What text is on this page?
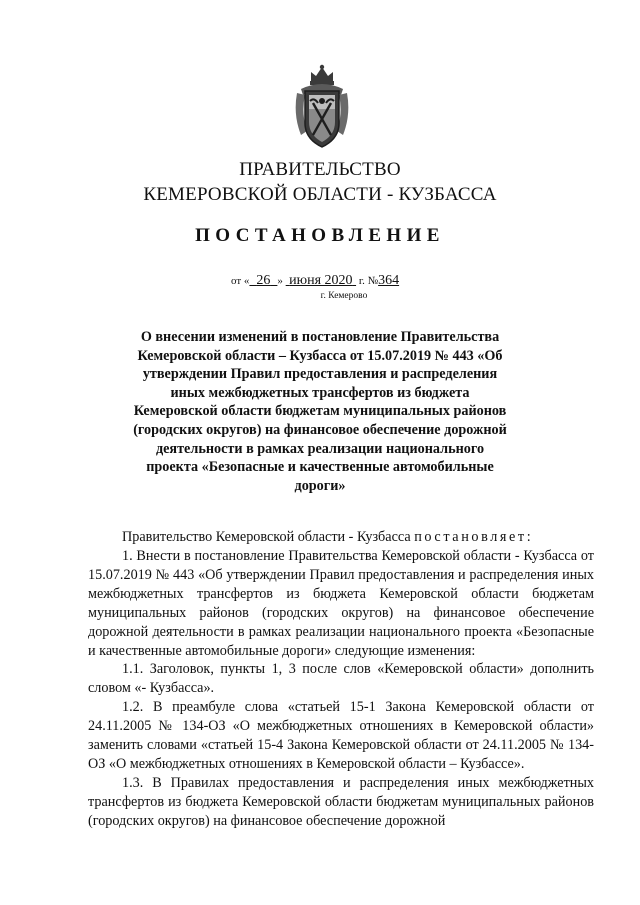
ПРАВИТЕЛЬСТВО
КЕМЕРОВСКОЙ ОБЛАСТИ - КУЗБАССА
ПОСТАНОВЛЕНИЕ
от « 26 » июня 2020 г. №364
г. Кемерово
О внесении изменений в постановление Правительства Кемеровской области – Кузбасса от 15.07.2019 № 443 «Об утверждении Правил предоставления и распределения иных межбюджетных трансфертов из бюджета Кемеровской области бюджетам муниципальных районов (городских округов) на финансовое обеспечение дорожной деятельности в рамках реализации национального проекта «Безопасные и качественные автомобильные дороги»

Правительство Кемеровской области - Кузбасса постановляет:

1. Внести в постановление Правительства Кемеровской области - Кузбасса от 15.07.2019 № 443 «Об утверждении Правил предоставления и распределения иных межбюджетных трансфертов из бюджета Кемеровской области бюджетам муниципальных районов (городских округов) на финансовое обеспечение дорожной деятельности в рамках реализации национального проекта «Безопасные и качественные автомобильные дороги» следующие изменения:

1.1. Заголовок, пункты 1, 3 после слов «Кемеровской области» дополнить словом «- Кузбасса».

1.2. В преамбуле слова «статьей 15-1 Закона Кемеровской области от 24.11.2005 № 134-ОЗ «О межбюджетных отношениях в Кемеровской области» заменить словами «статьей 15-4 Закона Кемеровской области от 24.11.2005 № 134-ОЗ «О межбюджетных отношениях в Кемеровской области – Кузбассе».

1.3. В Правилах предоставления и распределения иных межбюджетных трансфертов из бюджета Кемеровской области бюджетам муниципальных районов (городских округов) на финансовое обеспечение дорожной
